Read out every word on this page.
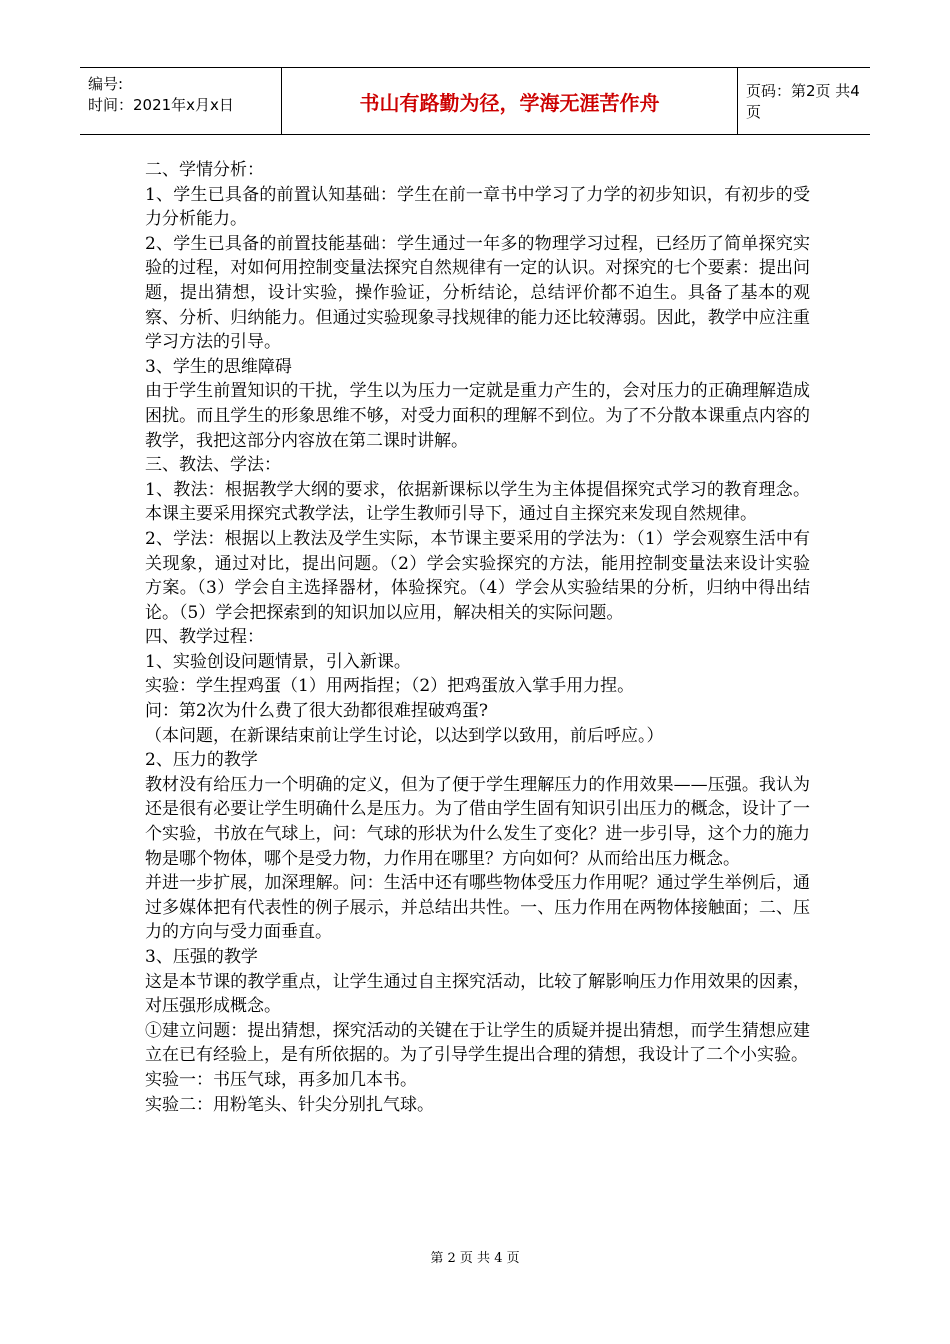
编号:
时间：2021年x月x日	书山有路勤为径，学海无涯苦作舟	页码：第2页 共4页

二、学情分析：

1、学生已具备的前置认知基础：学生在前一章书中学习了力学的初步知识，有初步的受力分析能力。

2、学生已具备的前置技能基础：学生通过一年多的物理学习过程，已经历了简单探究实验的过程，对如何用控制变量法探究自然规律有一定的认识。对探究的七个要素：提出问题，提出猜想，设计实验，操作验证，分析结论，总结评价都不迫生。具备了基本的观察、分析、归纳能力。但通过实验现象寻找规律的能力还比较薄弱。因此，教学中应注重学习方法的引导。

3、学生的思维障碍

由于学生前置知识的干扰，学生以为压力一定就是重力产生的，会对压力的正确理解造成困扰。而且学生的形象思维不够，对受力面积的理解不到位。为了不分散本课重点内容的教学，我把这部分内容放在第二课时讲解。

三、教法、学法：

1、教法：根据教学大纲的要求，依据新课标以学生为主体提倡探究式学习的教育理念。本课主要采用探究式教学法，让学生教师引导下，通过自主探究来发现自然规律。

2、学法：根据以上教法及学生实际，本节课主要采用的学法为：（1）学会观察生活中有关现象，通过对比，提出问题。（2）学会实验探究的方法，能用控制变量法来设计实验方案。（3）学会自主选择器材，体验探究。（4）学会从实验结果的分析，归纳中得出结论。（5）学会把探索到的知识加以应用，解决相关的实际问题。

四、教学过程：

1、实验创设问题情景，引入新课。

实验：学生捏鸡蛋（1）用两指捏；（2）把鸡蛋放入掌手用力捏。

问：第2次为什么费了很大劲都很难捏破鸡蛋?

（本问题，在新课结束前让学生讨论，以达到学以致用，前后呼应。）

2、压力的教学

教材没有给压力一个明确的定义，但为了便于学生理解压力的作用效果——压强。我认为还是很有必要让学生明确什么是压力。为了借由学生固有知识引出压力的概念，设计了一个实验，书放在气球上，问：气球的形状为什么发生了变化？进一步引导，这个力的施力物是哪个物体，哪个是受力物，力作用在哪里？方向如何？从而给出压力概念。

并进一步扩展，加深理解。问：生活中还有哪些物体受压力作用呢？通过学生举例后，通过多媒体把有代表性的例子展示，并总结出共性。一、压力作用在两物体接触面；二、压力的方向与受力面垂直。

3、压强的教学

这是本节课的教学重点，让学生通过自主探究活动，比较了解影响压力作用效果的因素，对压强形成概念。

①建立问题：提出猜想，探究活动的关键在于让学生的质疑并提出猜想，而学生猜想应建立在已有经验上，是有所依据的。为了引导学生提出合理的猜想，我设计了二个小实验。

实验一：书压气球，再多加几本书。

实验二：用粉笔头、针尖分别扎气球。

第 2 页 共 4 页
